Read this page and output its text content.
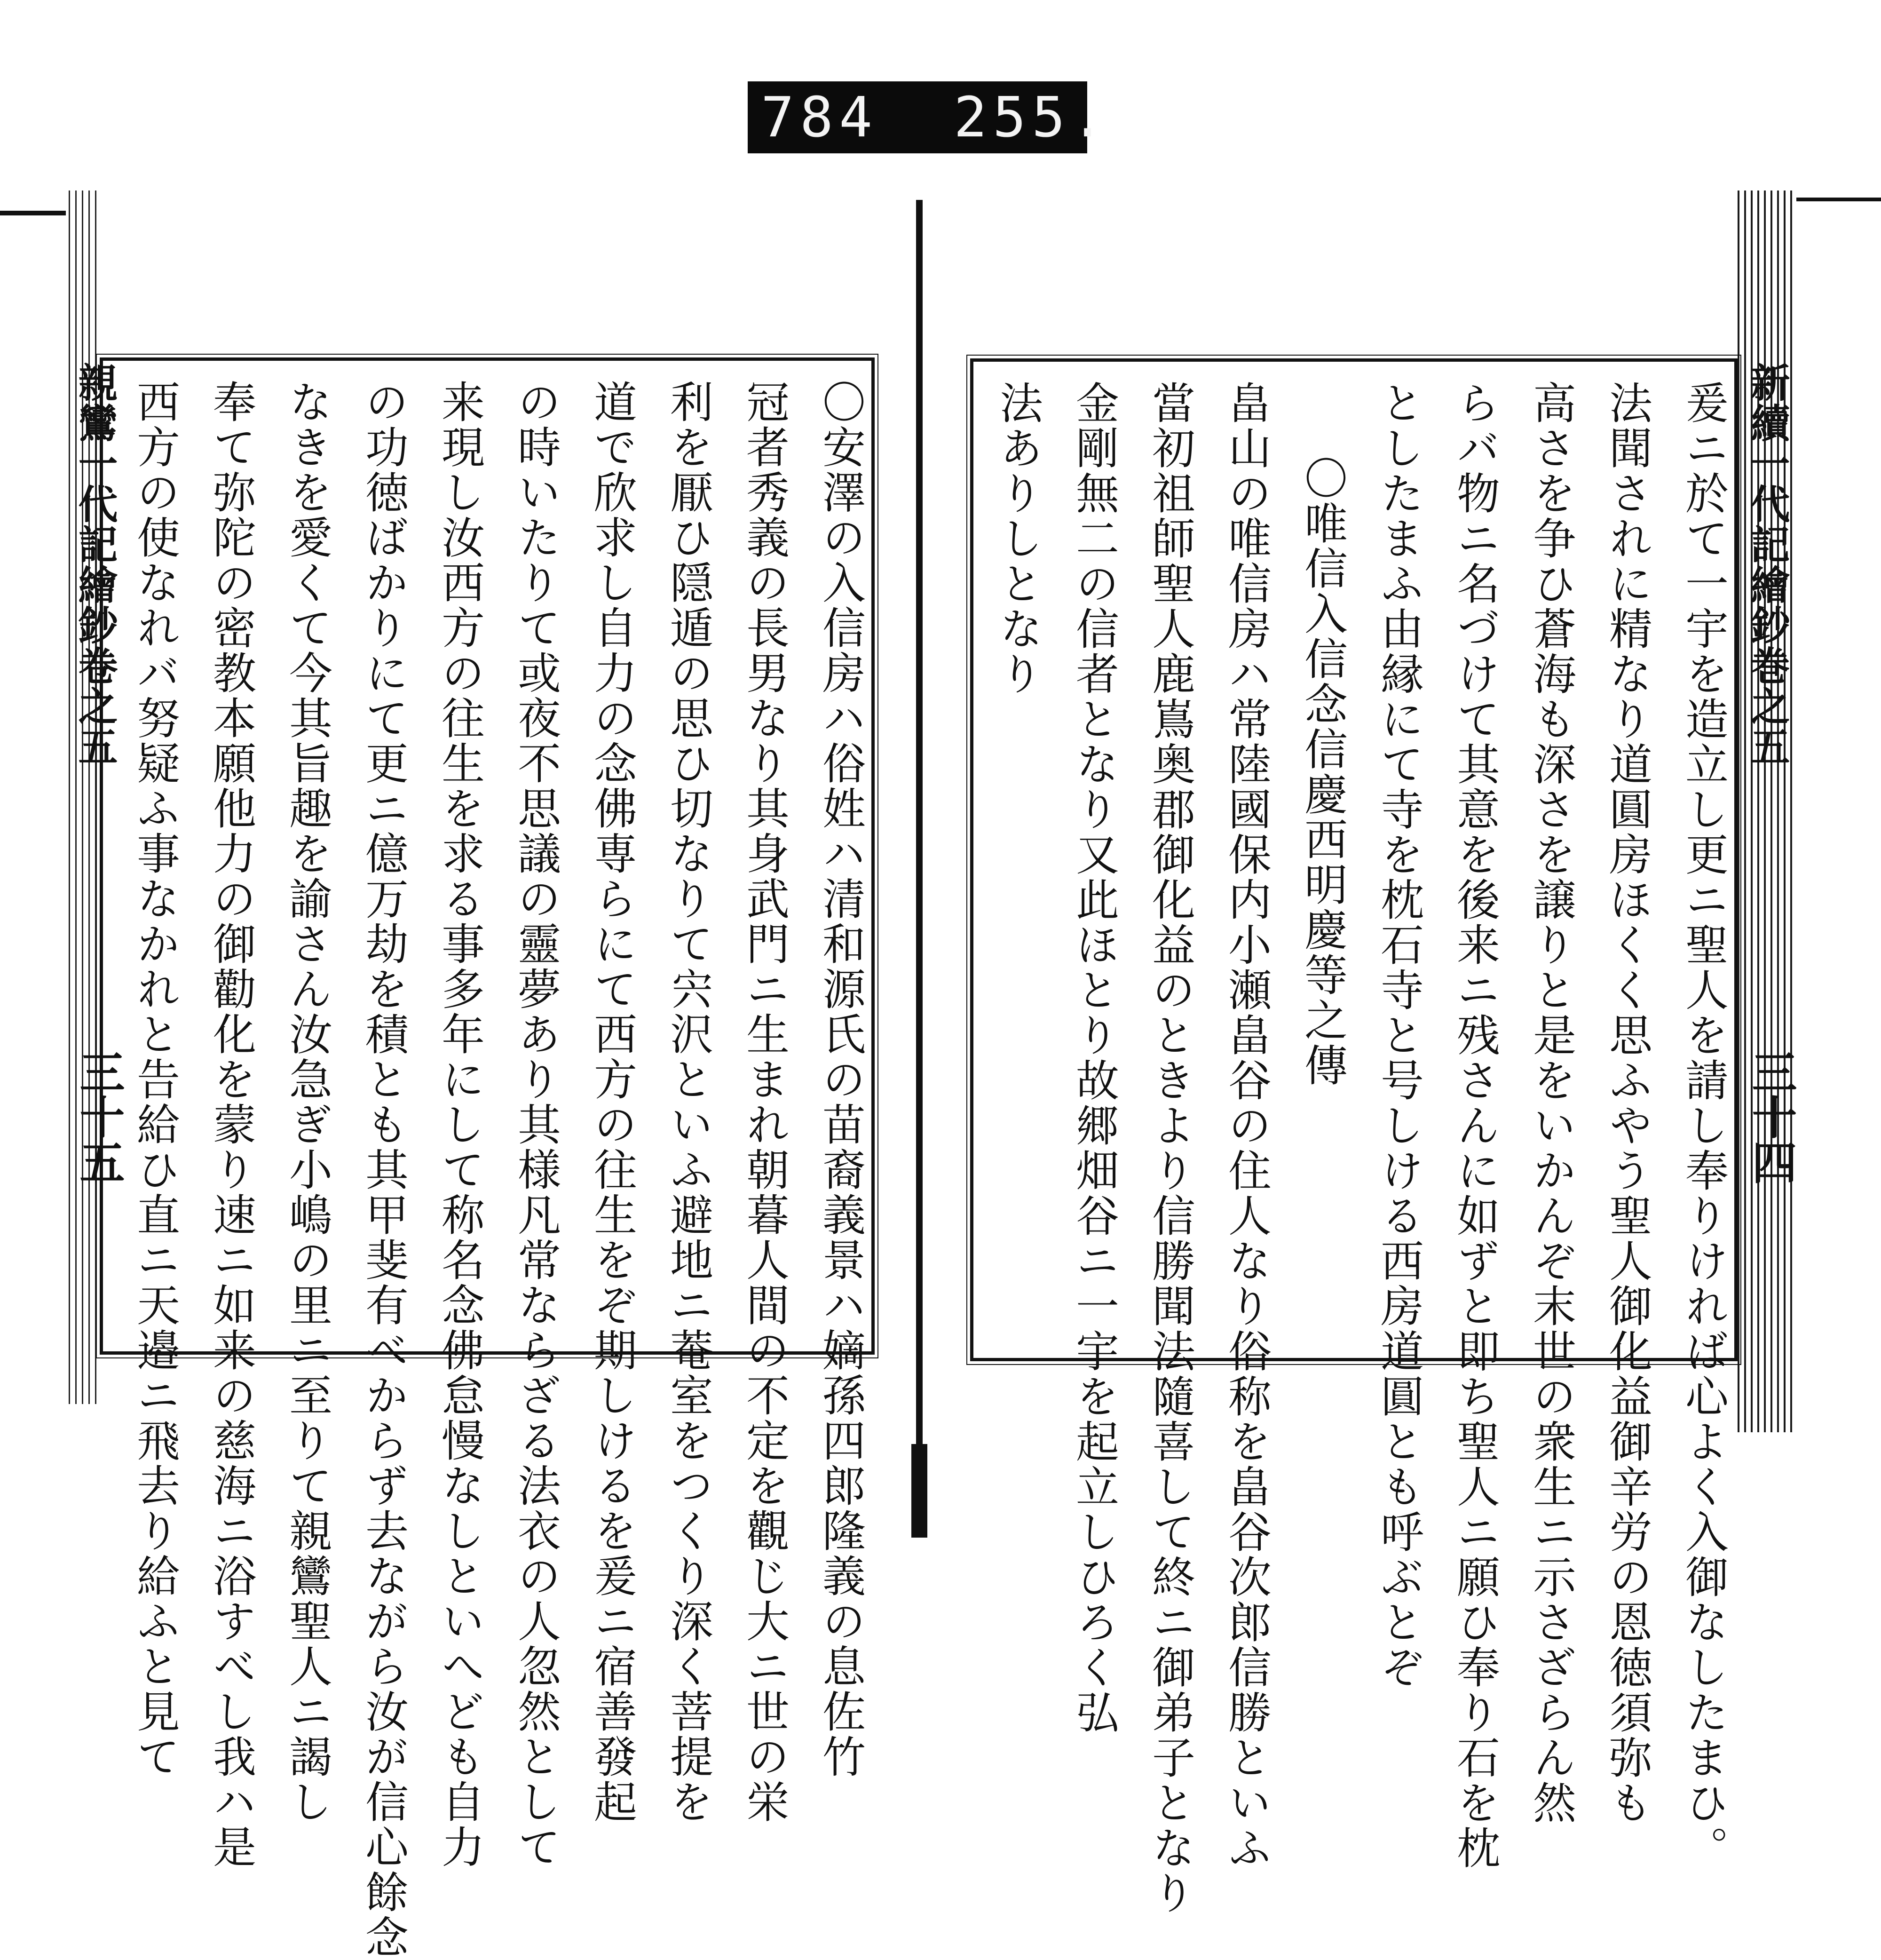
784 255.
親鸞一代記繪鈔卷之五
三十五	〇安澤の入信房ハ俗姓ハ清和源氏の苗裔義景ハ嫡孫四郎隆義の息佐竹
冠者秀義の長男なり其身武門ニ生まれ朝暮人間の不定を觀じ大ニ世の栄
利を厭ひ隠遁の思ひ切なりて宍沢といふ避地ニ菴室をつくり深く菩提を
道で欣求し自力の念佛専らにて西方の往生をぞ期しけるを爰ニ宿善發起
の時いたりて或夜不思議の靈夢あり其様凡常ならざる法衣の人忽然として
来現し汝西方の往生を求る事多年にして称名念佛怠慢なしといへども自力
の功徳ばかりにて更ニ億万劫を積とも其甲斐有べからず去ながら汝が信心餘念
なきを愛くて今其旨趣を諭さん汝急ぎ小嶋の里ニ至りて親鸞聖人ニ謁し
奉て弥陀の密教本願他力の御勸化を蒙り速ニ如来の慈海ニ浴すべし我ハ是
西方の使なれバ努疑ふ事なかれと告給ひ直ニ天邉ニ飛去り給ふと見て	新續一代記繪鈔巻之五
三十四
爰ニ於て一宇を造立し更ニ聖人を請し奉りければ心よく入御なしたまひ。
法聞されに精なり道圓房ほくく思ふやう聖人御化益御辛労の恩徳須弥も
高さを争ひ蒼海も深さを譲りと是をいかんぞ末世の衆生ニ示さざらん然
らバ物ニ名づけて其意を後来ニ残さんに如ずと即ち聖人ニ願ひ奉り石を枕
としたまふ由縁にて寺を枕石寺と号しける西房道圓とも呼ぶとぞ
〇唯信入信念信慶西明慶等之傳
畠山の唯信房ハ常陸國保内小瀬畠谷の住人なり俗称を畠谷次郎信勝といふ
當初祖師聖人鹿嶌奥郡御化益のときより信勝聞法隨喜して終ニ御弟子となり
金剛無二の信者となり又此ほとり故郷畑谷ニ一宇を起立しひろく弘
法ありしとなり
